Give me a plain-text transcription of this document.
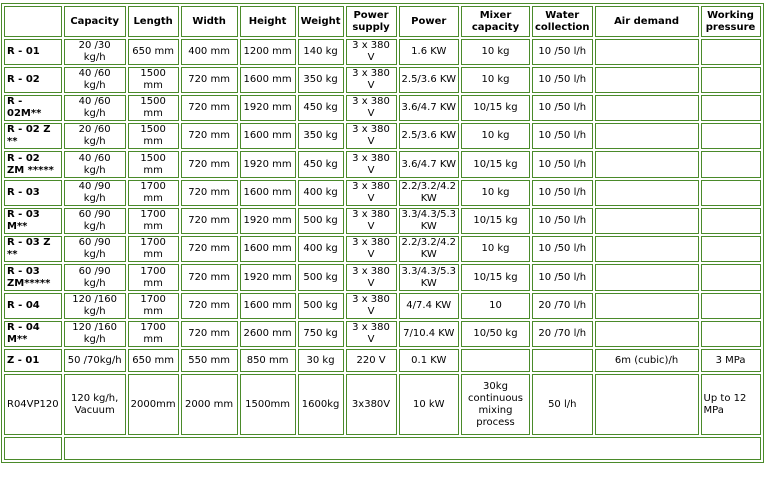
	Capacity	Length	Width	Height	Weight	Power supply	Power	Mixer capacity	Water collection	Air demand	Working pressure
R - 01	20 /30 kg/h	650 mm	400 mm	1200 mm	140 kg	3 x 380 V	1.6 KW	10 kg	10 /50 l/h		
R - 02	40 /60 kg/h	1500 mm	720 mm	1600 mm	350 kg	3 x 380 V	2.5/3.6 KW	10 kg	10 /50 l/h		
R - 02M**	40 /60 kg/h	1500 mm	720 mm	1920 mm	450 kg	3 x 380 V	3.6/4.7 KW	10/15 kg	10 /50 l/h		
R - 02 Z **	20 /60 kg/h	1500 mm	720 mm	1600 mm	350 kg	3 x 380 V	2.5/3.6 KW	10 kg	10 /50 l/h		
R - 02 ZM *****	40 /60 kg/h	1500 mm	720 mm	1920 mm	450 kg	3 x 380 V	3.6/4.7 KW	10/15 kg	10 /50 l/h		
R - 03	40 /90 kg/h	1700 mm	720 mm	1600 mm	400 kg	3 x 380 V	2.2/3.2/4.2 KW	10 kg	10 /50 l/h		
R - 03 M**	60 /90 kg/h	1700 mm	720 mm	1920 mm	500 kg	3 x 380 V	3.3/4.3/5.3 KW	10/15 kg	10 /50 l/h		
R - 03 Z **	60 /90 kg/h	1700 mm	720 mm	1600 mm	400 kg	3 x 380 V	2.2/3.2/4.2 KW	10 kg	10 /50 l/h		
R - 03 ZM*****	60 /90 kg/h	1700 mm	720 mm	1920 mm	500 kg	3 x 380 V	3.3/4.3/5.3 KW	10/15 kg	10 /50 l/h		
R - 04	120 /160 kg/h	1700 mm	720 mm	1600 mm	500 kg	3 x 380 V	4/7.4 KW	10	20 /70 l/h		
R - 04 M**	120 /160 kg/h	1700 mm	720 mm	2600 mm	750 kg	3 x 380 V	7/10.4 KW	10/50 kg	20 /70 l/h		
Z - 01	50 /70kg/h	650 mm	550 mm	850 mm	30 kg	220 V	0.1 KW			6m (cubic)/h	3 MPa
R04VP120	120 kg/h, Vacuum	2000mm	2000 mm	1500mm	1600kg	3x380V	10 kW	30kg continuous mixing process	50 l/h		Up to 12 MPa
